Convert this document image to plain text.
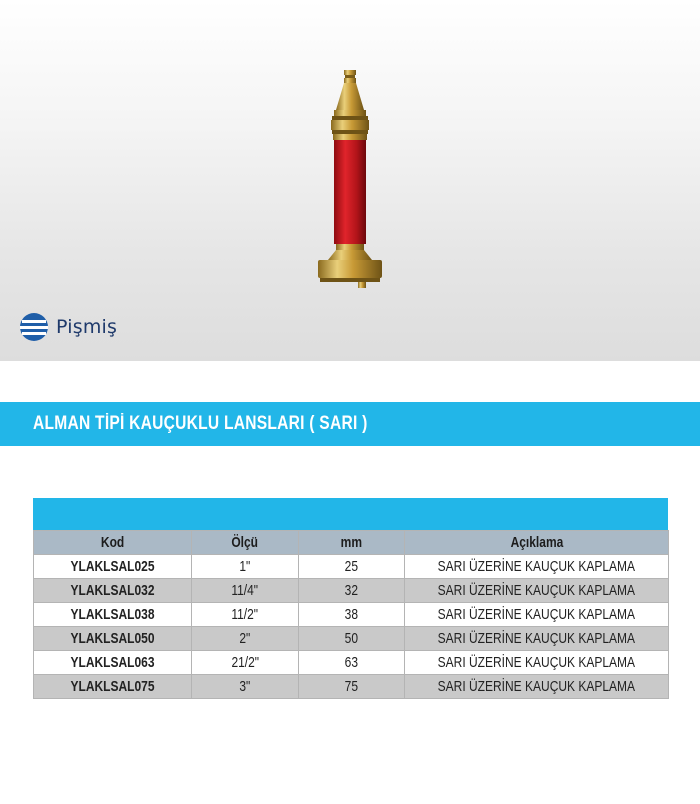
Pişmiş
ALMAN TİPİ KAUÇUKLU LANSLARI ( SARI )
Kod	Ölçü	mm	Açıklama
YLAKLSAL025	1"	25	SARI ÜZERİNE KAUÇUK KAPLAMA
YLAKLSAL032	11/4"	32	SARI ÜZERİNE KAUÇUK KAPLAMA
YLAKLSAL038	11/2"	38	SARI ÜZERİNE KAUÇUK KAPLAMA
YLAKLSAL050	2"	50	SARI ÜZERİNE KAUÇUK KAPLAMA
YLAKLSAL063	21/2"	63	SARI ÜZERİNE KAUÇUK KAPLAMA
YLAKLSAL075	3"	75	SARI ÜZERİNE KAUÇUK KAPLAMA
